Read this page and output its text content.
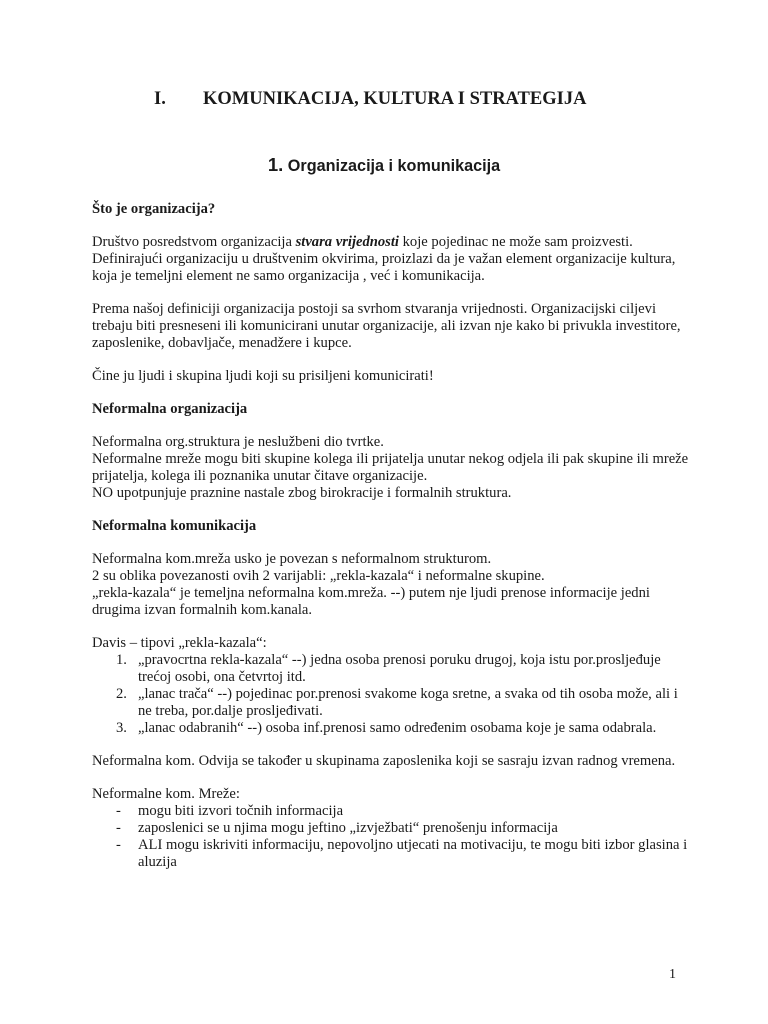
I. KOMUNIKACIJA, KULTURA I STRATEGIJA
1. Organizacija i komunikacija

Što je organizacija?

Društvo posredstvom organizacija stvara vrijednosti koje pojedinac ne može sam proizvesti. Definirajući organizaciju u društvenim okvirima, proizlazi da je važan element organizacije kultura, koja je temeljni element ne samo organizacija , već i komunikacija.

Prema našoj definiciji organizacija postoji sa svrhom stvaranja vrijednosti. Organizacijski ciljevi trebaju biti presneseni ili komunicirani unutar organizacije, ali izvan nje kako bi privukla investitore, zaposlenike, dobavljače, menadžere i kupce.

Čine ju ljudi i skupina ljudi koji su prisiljeni komunicirati!

Neformalna organizacija

Neformalna org.struktura je neslužbeni dio tvrtke.

Neformalne mreže mogu biti skupine kolega ili prijatelja unutar nekog odjela ili pak skupine ili mreže prijatelja, kolega ili poznanika unutar čitave organizacije.

NO upotpunjuje praznine nastale zbog birokracije i formalnih struktura.

Neformalna komunikacija

Neformalna kom.mreža usko je povezan s neformalnom strukturom.

2 su oblika povezanosti ovih 2 varijabli: „rekla-kazala“ i neformalne skupine.

„rekla-kazala“ je temeljna neformalna kom.mreža. --) putem nje ljudi prenose informacije jedni drugima izvan formalnih kom.kanala.

Davis – tipovi „rekla-kazala“:

1. „pravocrtna rekla-kazala“ --) jedna osoba prenosi poruku drugoj, koja istu por.prosljeđuje trećoj osobi, ona četvrtoj itd.
2. „lanac trača“ --) pojedinac por.prenosi svakome koga sretne, a svaka od tih osoba može, ali i ne treba, por.dalje prosljeđivati.
3. „lanac odabranih“ --) osoba inf.prenosi samo određenim osobama koje je sama odabrala.

Neformalna kom. Odvija se također u skupinama zaposlenika koji se sasraju izvan radnog vremena.

Neformalne kom. Mreže:

- mogu biti izvori točnih informacija
- zaposlenici se u njima mogu jeftino „izvježbati“ prenošenju informacija
- ALI mogu iskriviti informaciju, nepovoljno utjecati na motivaciju, te mogu biti izbor glasina i aluzija
1
